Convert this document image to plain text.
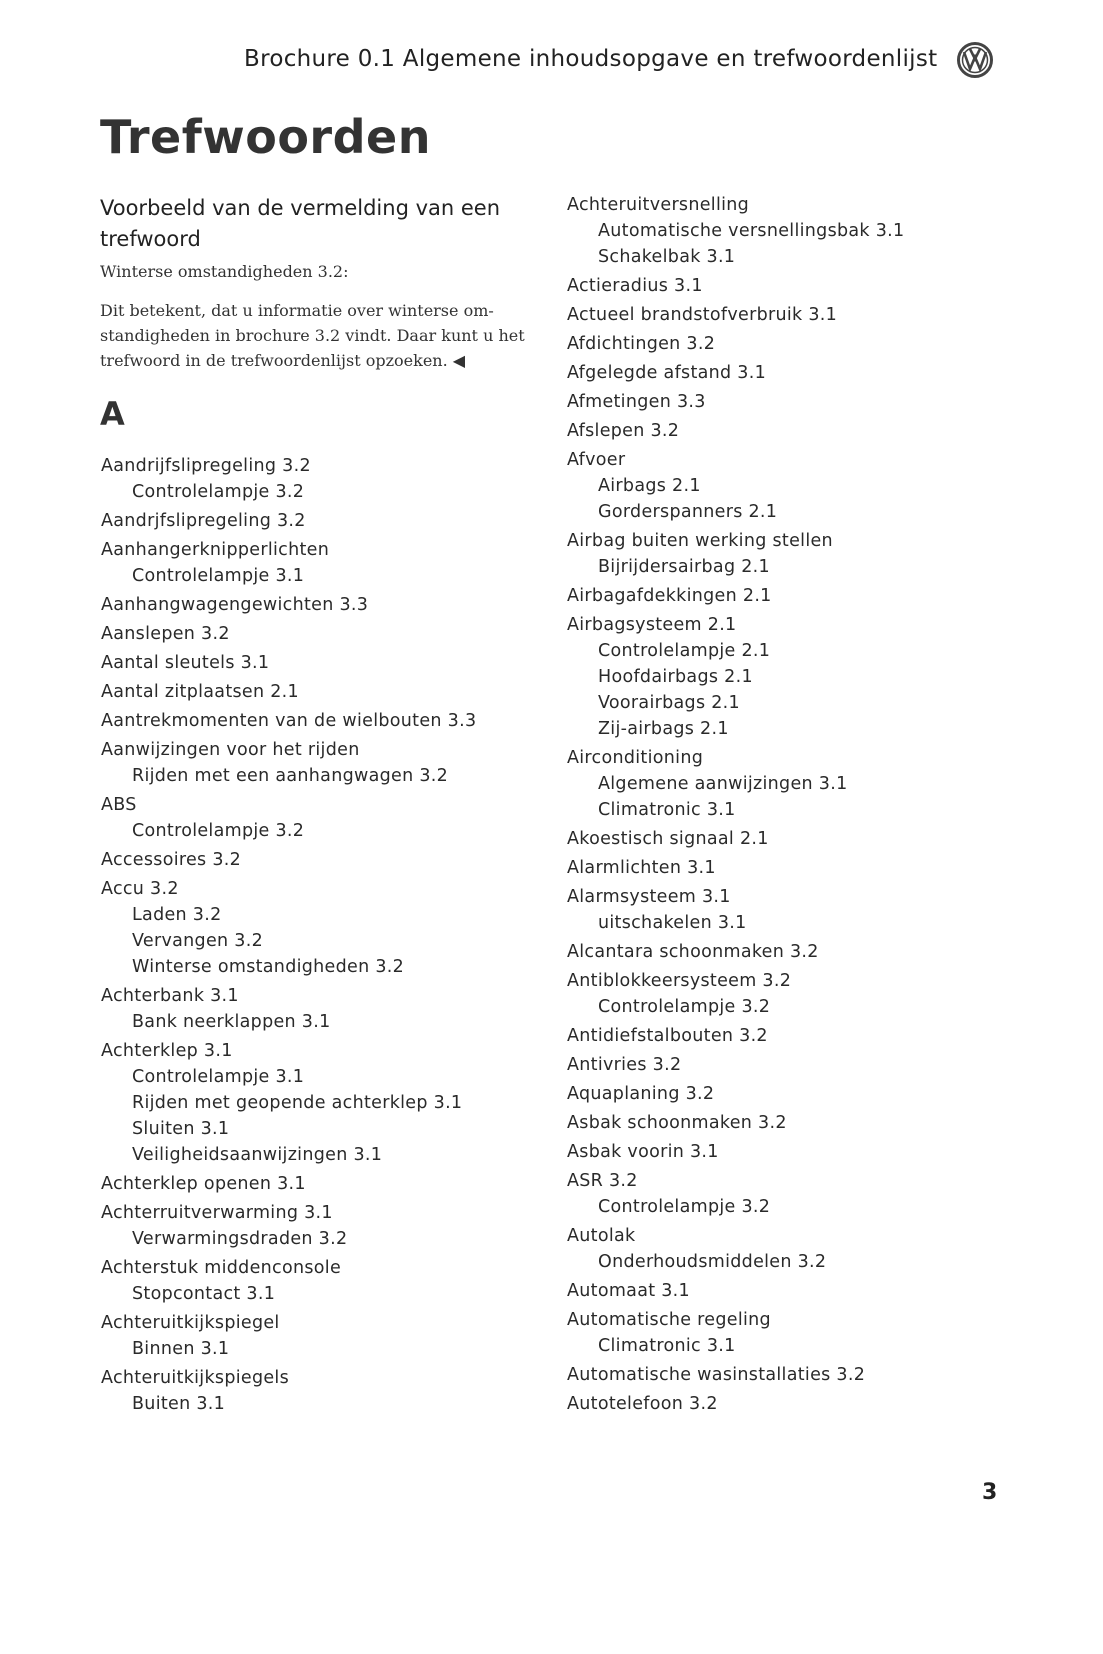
Brochure 0.1 Algemene inhoudsopgave en trefwoordenlijst
Trefwoorden
Voorbeeld van de vermelding van een trefwoord
Winterse omstandigheden 3.2:
Dit betekent, dat u informatie over winterse om-standigheden in brochure 3.2 vindt. Daar kunt u het trefwoord in de trefwoordenlijst opzoeken. ◀
A
Aandrijfslipregeling 3.2
Controlelampje 3.2
Aandrjfslipregeling 3.2
Aanhangerknipperlichten
Controlelampje 3.1
Aanhangwagengewichten 3.3
Aanslepen 3.2
Aantal sleutels 3.1
Aantal zitplaatsen 2.1
Aantrekmomenten van de wielbouten 3.3
Aanwijzingen voor het rijden
Rijden met een aanhangwagen 3.2
ABS
Controlelampje 3.2
Accessoires 3.2
Accu 3.2
Laden 3.2
Vervangen 3.2
Winterse omstandigheden 3.2
Achterbank 3.1
Bank neerklappen 3.1
Achterklep 3.1
Controlelampje 3.1
Rijden met geopende achterklep 3.1
Sluiten 3.1
Veiligheidsaanwijzingen 3.1
Achterklep openen 3.1
Achterruitverwarming 3.1
Verwarmingsdraden 3.2
Achterstuk middenconsole
Stopcontact 3.1
Achteruitkijkspiegel
Binnen 3.1
Achteruitkijkspiegels
Buiten 3.1
Achteruitversnelling
Automatische versnellingsbak 3.1
Schakelbak 3.1
Actieradius 3.1
Actueel brandstofverbruik 3.1
Afdichtingen 3.2
Afgelegde afstand 3.1
Afmetingen 3.3
Afslepen 3.2
Afvoer
Airbags 2.1
Gorderspanners 2.1
Airbag buiten werking stellen
Bijrijdersairbag 2.1
Airbagafdekkingen 2.1
Airbagsysteem 2.1
Controlelampje 2.1
Hoofdairbags 2.1
Voorairbags 2.1
Zij-airbags 2.1
Airconditioning
Algemene aanwijzingen 3.1
Climatronic 3.1
Akoestisch signaal 2.1
Alarmlichten 3.1
Alarmsysteem 3.1
uitschakelen 3.1
Alcantara schoonmaken 3.2
Antiblokkeersysteem 3.2
Controlelampje 3.2
Antidiefstalbouten 3.2
Antivries 3.2
Aquaplaning 3.2
Asbak schoonmaken 3.2
Asbak voorin 3.1
ASR 3.2
Controlelampje 3.2
Autolak
Onderhoudsmiddelen 3.2
Automaat 3.1
Automatische regeling
Climatronic 3.1
Automatische wasinstallaties 3.2
Autotelefoon 3.2
3
